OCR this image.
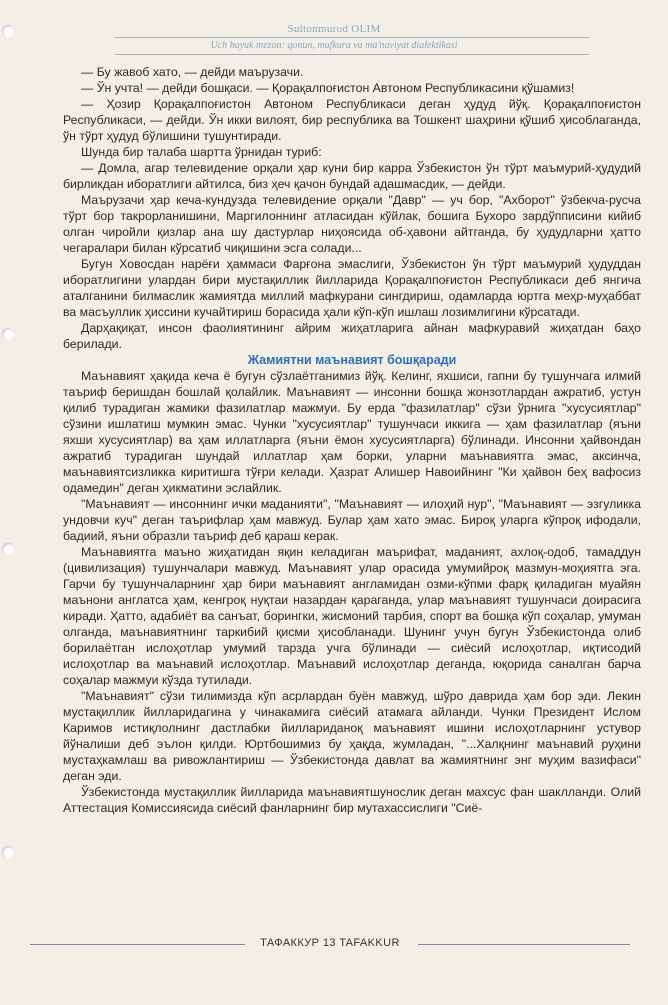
Sultonmurod OLIM
Uch buyuk mezon: qonun, mafkura va ma'naviyat dialektikasi

— Бу жавоб хато, — дейди маърузачи.

— Ўн учта! — дейди бошқаси. — Қорақалпоғистон Автоном Республикасини қўшамиз!

— Ҳозир Қорақалпоғистон Автоном Республикаси деган ҳудуд йўқ. Қорақалпоғистон Республикаси, — дейди. Ўн икки вилоят, бир республика ва Тошкент шаҳрини қўшиб ҳисоблаганда, ўн тўрт ҳудуд бўлишини тушунтиради.

Шунда бир талаба шартта ўрнидан туриб:

— Домла, агар телевидение орқали ҳар куни бир карра Ўзбекистон ўн тўрт маъмурий-ҳудудий бирликдан иборатлиги айтилса, биз ҳеч қачон бундай адашмасдик, — дейди.

Маърузачи ҳар кеча-кундузда телевидение орқали "Давр" — уч бор, "Ахборот" ўзбекча-русча тўрт бор такрорланишини, Маргилоннинг атласидан кўйлак, бошига Бухоро зардўпписини кийиб олган чиройли қизлар ана шу дастурлар ниҳоясида об-ҳавони айтганда, бу ҳудудларни ҳатто чегаралари билан кўрсатиб чиқишини эсга солади...

Бугун Ховосдан нарёғи ҳаммаси Фарғона эмаслиги, Ўзбекистон ўн тўрт маъмурий ҳудуддан иборатлигини улардан бири мустақиллик йилларида Қорақалпоғистон Республикаси деб янгича аталганини билмаслик жамиятда миллий мафкурани сингдириш, одамларда юртга меҳр-муҳаббат ва масъуллик ҳиссини кучайтириш борасида ҳали кўп-кўп ишлаш лозимлигини кўрсатади.

Дарҳақиқат, инсон фаолиятининг айрим жиҳатларига айнан мафкуравий жиҳатдан баҳо берилади.

Жамиятни маънавият бошқаради

Маънавият ҳақида кеча ё бугун сўзлаётганимиз йўқ. Келинг, яхшиси, гапни бу тушунчага илмий таъриф беришдан бошлай қолайлик. Маънавият — инсонни бошқа жонзотлардан ажратиб, устун қилиб турадиган жамики фазилатлар мажмуи. Бу ерда "фазилатлар" сўзи ўрнига "хусусиятлар" сўзини ишлатиш мумкин эмас. Чунки "хусусиятлар" тушунчаси иккига — ҳам фазилатлар (яъни яхши хусусиятлар) ва ҳам иллатларга (яъни ёмон хусусиятларга) бўлинади. Инсонни ҳайвондан ажратиб турадиган шундай иллатлар ҳам борки, уларни маънавиятга эмас, аксинча, маънавиятсизликка киритишга тўғри келади. Ҳазрат Алишер Навоийнинг "Ки ҳайвон беҳ вафосиз одамедин" деган ҳикматини эслайлик.

"Маънавият — инсоннинг ички маданияти", "Маънавият — илоҳий нур", "Маънавият — эзгуликка ундовчи куч" деган таърифлар ҳам мавжуд. Булар ҳам хато эмас. Бироқ уларга кўпроқ ифодали, бадиий, яъни образли таъриф деб қараш керак.

Маънавиятга маъно жиҳатидан яқин келадиган маърифат, маданият, ахлоқ-одоб, тамаддун (цивилизация) тушунчалари мавжуд. Маънавият улар орасида умумийроқ мазмун-моҳиятга эга. Гарчи бу тушунчаларнинг ҳар бири маънавият англамидан озми-кўпми фарқ қиладиган муайян маънони англатса ҳам, кенгроқ нуқтаи назардан қараганда, улар маънавият тушунчаси доирасига киради. Ҳатто, адабиёт ва санъат, борингки, жисмоний тарбия, спорт ва бошқа кўп соҳалар, умуман олганда, маънавиятнинг таркибий қисми ҳисобланади. Шунинг учун бугун Ўзбекистонда олиб борилаётган ислоҳотлар умумий тарзда учга бўлинади — сиёсий ислоҳотлар, иқтисодий ислоҳотлар ва маънавий ислоҳотлар. Маънавий ислоҳотлар деганда, юқорида саналган барча соҳалар мажмуи кўзда тутилади.

"Маънавият" сўзи тилимизда кўп асрлардан буён мавжуд, шўро даврида ҳам бор эди. Лекин мустақиллик йилларидагина у чинакамига сиёсий атамага айланди. Чунки Президент Ислом Каримов истиқлолнинг дастлабки йиллариданоқ маънавият ишини ислоҳотларнинг устувор йўналиши деб эълон қилди. Юртбошимиз бу ҳақда, жумладан, "...Халқнинг маънавий руҳини мустаҳкамлаш ва ривожлантириш — Ўзбекистонда давлат ва жамиятнинг энг муҳим вазифаси" деган эди.

Ўзбекистонда мустақиллик йилларида маънавиятшунослик деган махсус фан шаклланди. Олий Аттестация Комиссиясида сиёсий фанларнинг бир мутахассислиги "Сиё-

ТАФАККУР 13 TAFAKKUR
